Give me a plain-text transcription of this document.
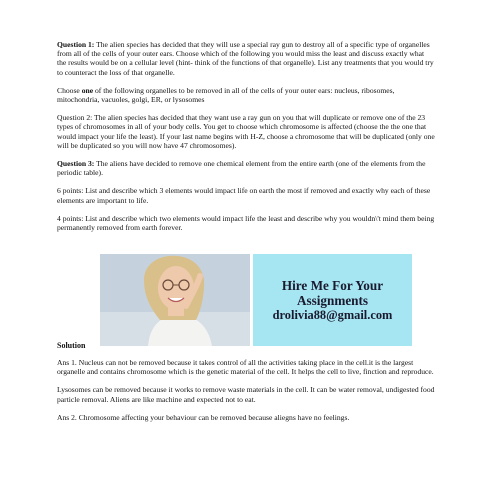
Question 1: The alien species has decided that they will use a special ray gun to destroy all of a specific type of organelles from all of the cells of your outer ears. Choose which of the following you would miss the least and discuss exactly what the results would be on a cellular level (hint- think of the functions of that organelle). List any treatments that you would try to counteract the loss of that organelle.

Choose one of the following organelles to be removed in all of the cells of your outer ears: nucleus, ribosomes, mitochondria, vacuoles, golgi, ER, or lysosomes

Question 2: The alien species has decided that they want use a ray gun on you that will duplicate or remove one of the 23 types of chromosomes in all of your body cells. You get to choose which chromosome is affected (choose the the one that would impact your life the least). If your last name begins with H-Z, choose a chromosome that will be duplicated (only one will be duplicated so you will now have 47 chromosomes).

Question 3: The aliens have decided to remove one chemical element from the entire earth (one of the elements from the periodic table).

6 points: List and describe which 3 elements would impact life on earth the most if removed and exactly why each of these elements are important to life.

4 points: List and describe which two elements would impact life the least and describe why you wouldn\'t mind them being permanently removed from earth forever.

Hire Me For Your
Assignments
drolivia88@gmail.com
Solution

Ans 1. Nucleus can not be removed because it takes control of all the activities taking place in the cell.it is the largest organelle and contains chromosome which is the genetic material of the cell. It helps the cell to live, finction and reproduce.

Lysosomes can be removed because it works to remove waste materials in the cell. It can be water removal, undigested food particle removal. Aliens are like machine and expected not to eat.

Ans 2. Chromosome affecting your behaviour can be removed because aliegns have no feelings.
